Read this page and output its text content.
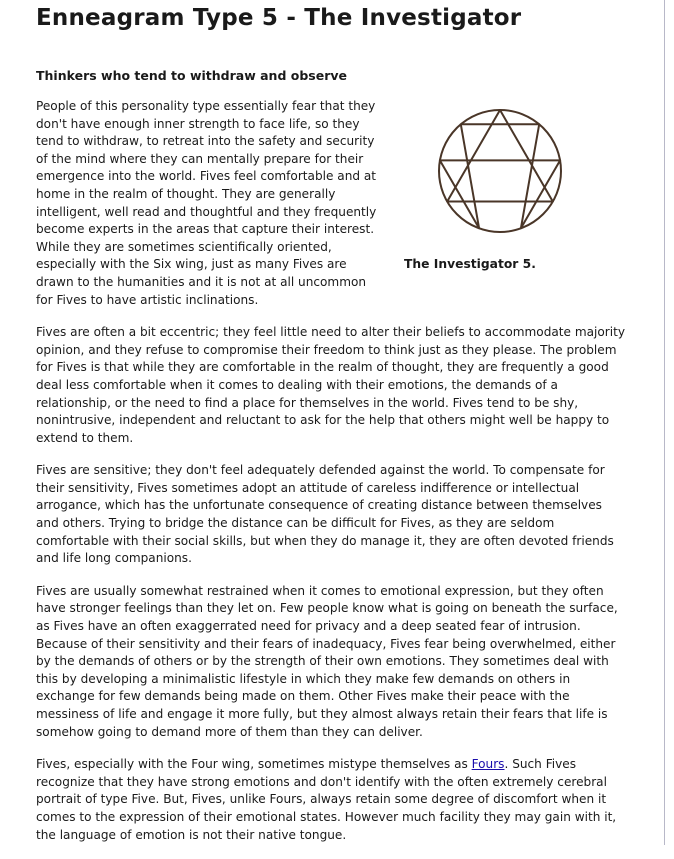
Enneagram Type 5 - The Investigator
Thinkers who tend to withdraw and observe
The Investigator 5.

People of this personality type essentially fear that they don't have enough inner strength to face life, so they tend to withdraw, to retreat into the safety and security of the mind where they can mentally prepare for their emergence into the world. Fives feel comfortable and at home in the realm of thought. They are generally intelligent, well read and thoughtful and they frequently become experts in the areas that capture their interest. While they are sometimes scientifically oriented, especially with the Six wing, just as many Fives are drawn to the humanities and it is not at all uncommon for Fives to have artistic inclinations.

Fives are often a bit eccentric; they feel little need to alter their beliefs to accommodate majority opinion, and they refuse to compromise their freedom to think just as they please. The problem for Fives is that while they are comfortable in the realm of thought, they are frequently a good deal less comfortable when it comes to dealing with their emotions, the demands of a relationship, or the need to find a place for themselves in the world. Fives tend to be shy, nonintrusive, independent and reluctant to ask for the help that others might well be happy to extend to them.

Fives are sensitive; they don't feel adequately defended against the world. To compensate for their sensitivity, Fives sometimes adopt an attitude of careless indifference or intellectual arrogance, which has the unfortunate consequence of creating distance between themselves and others. Trying to bridge the distance can be difficult for Fives, as they are seldom comfortable with their social skills, but when they do manage it, they are often devoted friends and life long companions.

Fives are usually somewhat restrained when it comes to emotional expression, but they often have stronger feelings than they let on. Few people know what is going on beneath the surface, as Fives have an often exaggerrated need for privacy and a deep seated fear of intrusion. Because of their sensitivity and their fears of inadequacy, Fives fear being overwhelmed, either by the demands of others or by the strength of their own emotions. They sometimes deal with this by developing a minimalistic lifestyle in which they make few demands on others in exchange for few demands being made on them. Other Fives make their peace with the messiness of life and engage it more fully, but they almost always retain their fears that life is somehow going to demand more of them than they can deliver.

Fives, especially with the Four wing, sometimes mistype themselves as Fours. Such Fives recognize that they have strong emotions and don't identify with the often extremely cerebral portrait of type Five. But, Fives, unlike Fours, always retain some degree of discomfort when it comes to the expression of their emotional states. However much facility they may gain with it, the language of emotion is not their native tongue.
